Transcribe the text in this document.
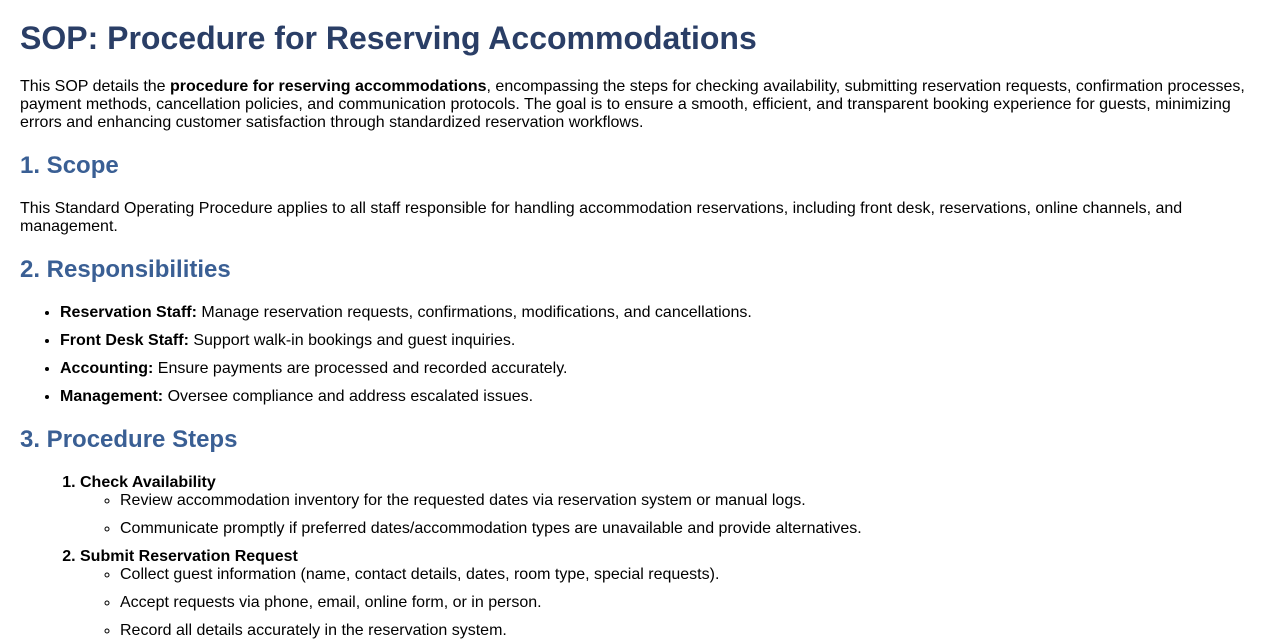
SOP: Procedure for Reserving Accommodations

This SOP details the procedure for reserving accommodations, encompassing the steps for checking availability, submitting reservation requests, confirmation processes, payment methods, cancellation policies, and communication protocols. The goal is to ensure a smooth, efficient, and transparent booking experience for guests, minimizing errors and enhancing customer satisfaction through standardized reservation workflows.

1. Scope

This Standard Operating Procedure applies to all staff responsible for handling accommodation reservations, including front desk, reservations, online channels, and management.

2. Responsibilities
• Reservation Staff: Manage reservation requests, confirmations, modifications, and cancellations.
• Front Desk Staff: Support walk-in bookings and guest inquiries.
• Accounting: Ensure payments are processed and recorded accurately.
• Management: Oversee compliance and address escalated issues.
3. Procedure Steps
1. Check Availability
◦ Review accommodation inventory for the requested dates via reservation system or manual logs.
◦ Communicate promptly if preferred dates/accommodation types are unavailable and provide alternatives.
2. Submit Reservation Request
◦ Collect guest information (name, contact details, dates, room type, special requests).
◦ Accept requests via phone, email, online form, or in person.
◦ Record all details accurately in the reservation system.
